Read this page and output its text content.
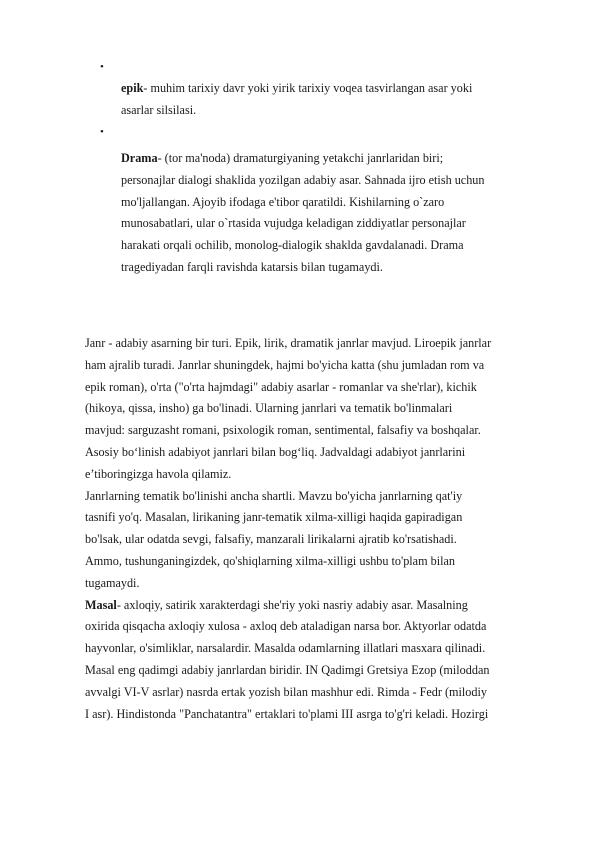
•
epik- muhim tarixiy davr yoki yirik tarixiy voqea tasvirlangan asar yoki
asarlar silsilasi.
•
Drama- (tor ma'noda) dramaturgiyaning yetakchi janrlaridan biri;
personajlar dialogi shaklida yozilgan adabiy asar. Sahnada ijro etish uchun
mo'ljallangan. Ajoyib ifodaga e'tibor qaratildi. Kishilarning o`zaro
munosabatlari, ular o`rtasida vujudga keladigan ziddiyatlar personajlar
harakati orqali ochilib, monolog-dialogik shaklda gavdalanadi. Drama
tragediyadan farqli ravishda katarsis bilan tugamaydi.
Janr - adabiy asarning bir turi. Epik, lirik, dramatik janrlar mavjud. Liroepik janrlar
ham ajralib turadi. Janrlar shuningdek, hajmi bo'yicha katta (shu jumladan rom va
epik roman), o'rta ("o'rta hajmdagi" adabiy asarlar - romanlar va she'rlar), kichik
(hikoya, qissa, insho) ga bo'linadi. Ularning janrlari va tematik bo'linmalari
mavjud: sarguzasht romani, psixologik roman, sentimental, falsafiy va boshqalar.
Asosiy bo‘linish adabiyot janrlari bilan bog‘liq. Jadvaldagi adabiyot janrlarini
e’tiboringizga havola qilamiz.
Janrlarning tematik bo'linishi ancha shartli. Mavzu bo'yicha janrlarning qat'iy
tasnifi yo'q. Masalan, lirikaning janr-tematik xilma-xilligi haqida gapiradigan
bo'lsak, ular odatda sevgi, falsafiy, manzarali lirikalarni ajratib ko'rsatishadi.
Ammo, tushunganingizdek, qo'shiqlarning xilma-xilligi ushbu to'plam bilan
tugamaydi.
Masal- axloqiy, satirik xarakterdagi she'riy yoki nasriy adabiy asar. Masalning
oxirida qisqacha axloqiy xulosa - axloq deb ataladigan narsa bor. Aktyorlar odatda
hayvonlar, o'simliklar, narsalardir. Masalda odamlarning illatlari masxara qilinadi.
Masal eng qadimgi adabiy janrlardan biridir. IN Qadimgi Gretsiya Ezop (miloddan
avvalgi VI-V asrlar) nasrda ertak yozish bilan mashhur edi. Rimda - Fedr (milodiy
I asr). Hindistonda "Panchatantra" ertaklari to'plami III asrga to'g'ri keladi. Hozirgi
